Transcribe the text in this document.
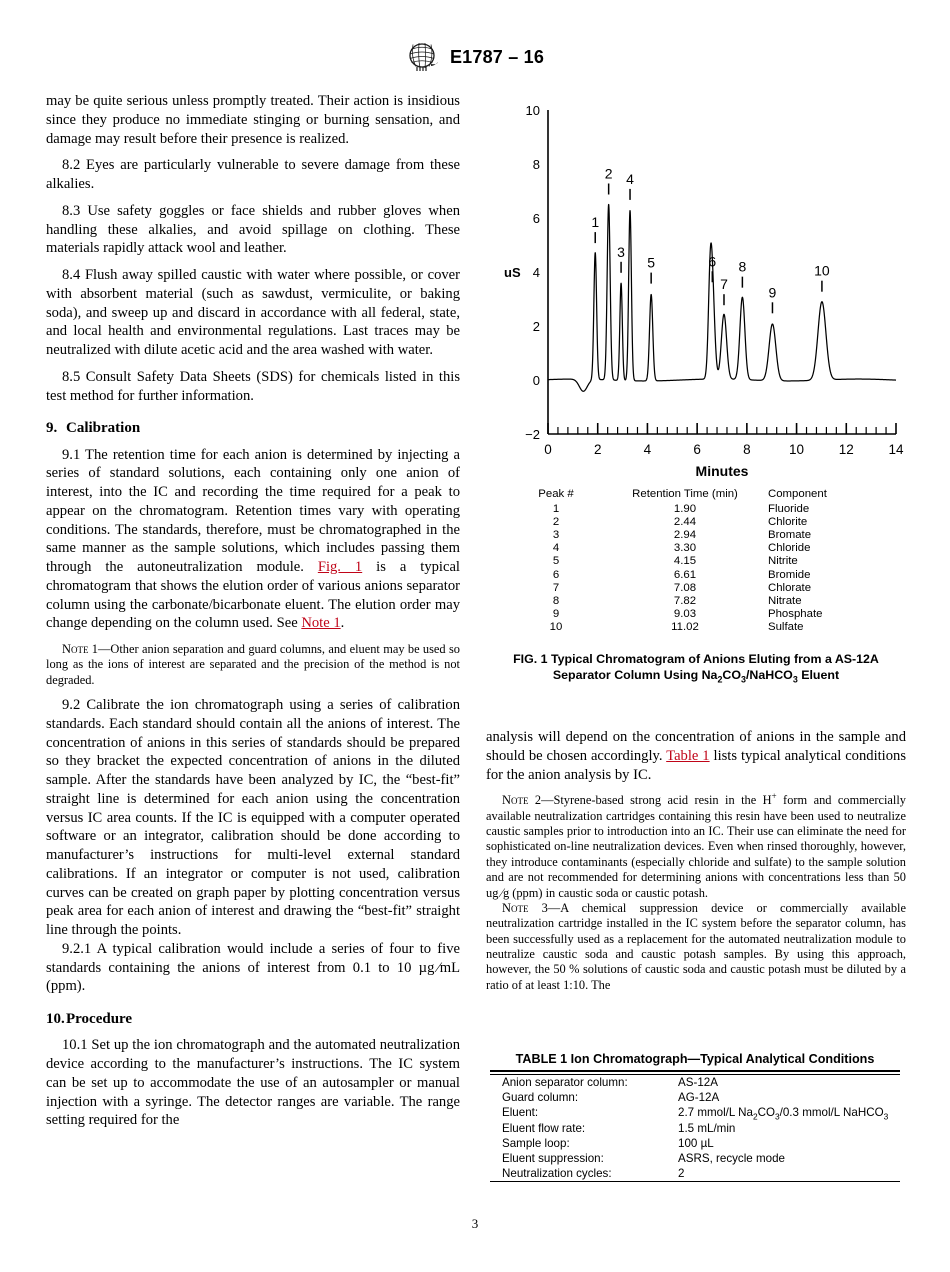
E1787 – 16

may be quite serious unless promptly treated. Their action is insidious since they produce no immediate stinging or burning sensation, and damage may result before their presence is realized.

8.2 Eyes are particularly vulnerable to severe damage from these alkalies.

8.3 Use safety goggles or face shields and rubber gloves when handling these alkalies, and avoid spillage on clothing. These materials rapidly attack wool and leather.

8.4 Flush away spilled caustic with water where possible, or cover with absorbent material (such as sawdust, vermiculite, or baking soda), and sweep up and discard in accordance with all federal, state, and local health and environmental regulations. Last traces may be neutralized with dilute acetic acid and the area washed with water.

8.5 Consult Safety Data Sheets (SDS) for chemicals listed in this test method for further information.

9. Calibration

9.1 The retention time for each anion is determined by injecting a series of standard solutions, each containing only one anion of interest, into the IC and recording the time required for a peak to appear on the chromatogram. Retention times vary with operating conditions. The standards, therefore, must be chromatographed in the same manner as the sample solutions, which includes passing them through the autoneutralization module. Fig. 1 is a typical chromatogram that shows the elution order of various anions separator column using the carbonate/bicarbonate eluent. The elution order may change depending on the column used. See Note 1.

Note 1—Other anion separation and guard columns, and eluent may be used so long as the ions of interest are separated and the precision of the method is not degraded.

9.2 Calibrate the ion chromatograph using a series of calibration standards. Each standard should contain all the anions of interest. The concentration of anions in this series of standards should be prepared so they bracket the expected concentration of anions in the diluted sample. After the standards have been analyzed by IC, the “best-fit” straight line is determined for each anion using the concentration versus IC area counts. If the IC is equipped with a computer operated software or an integrator, calibration should be done according to manufacturer’s instructions for multi-level external standard calibrations. If an integrator or computer is not used, calibration curves can be created on graph paper by plotting concentration versus peak area for each anion of interest and drawing the “best-fit” straight line through the points.

9.2.1 A typical calibration would include a series of four to five standards containing the anions of interest from 0.1 to 10 µg ⁄mL (ppm).

10.Procedure

10.1 Set up the ion chromatograph and the automated neutralization device according to the manufacturer’s instructions. The IC system can be set up to accommodate the use of an autosampler or manual injection with a syringe. The detector ranges are variable. The range setting required for the

−2
0
2
4
6
8
10
uS
0	2	4	6	8	10	12	14
Minutes
1
2
3
4
5	6
7
8
9
10
Peak #	Retention Time (min)	Component
1	1.90	Fluoride
2	2.44	Chlorite
3	2.94	Bromate
4	3.30	Chloride
5	4.15	Nitrite
6	6.61	Bromide
7	7.08	Chlorate
8	7.82	Nitrate
9	9.03	Phosphate
10	11.02	Sulfate
FIG. 1 Typical Chromatogram of Anions Eluting from a AS-12A
Separator Column Using $Na_2CO_3/NaHCO_3$ Eluent

analysis will depend on the concentration of anions in the sample and should be chosen accordingly. Table 1 lists typical analytical conditions for the anion analysis by IC.

Note 2—Styrene-based strong acid resin in the H+ form and commercially available neutralization cartridges containing this resin have been used to neutralize caustic samples prior to introduction into an IC. Their use can eliminate the need for sophisticated on-line neutralization devices. Even when rinsed thoroughly, however, they introduce contaminants (especially chloride and sulfate) to the sample solution and are not recommended for determining anions with concentrations less than 50 ug ⁄g (ppm) in caustic soda or caustic potash.

Note 3—A chemical suppression device or commercially available neutralization cartridge installed in the IC system before the separator column, has been successfully used as a replacement for the automated neutralization module to neutralize caustic soda and caustic potash samples. By using this approach, however, the 50 % solutions of caustic soda and caustic potash must be diluted by a ratio of at least 1:10. The

TABLE 1 Ion Chromatograph—Typical Analytical Conditions
Anion separator column:	AS-12A
Guard column:	AG-12A
Eluent:	2.7 mmol/L $Na_2CO_3/0.3$ mmol/L NaHCO$_3$
Eluent flow rate:	1.5 mL/min
Sample loop:	100 µL
Eluent suppression:	ASRS, recycle mode
Neutralization cycles:	2
3
